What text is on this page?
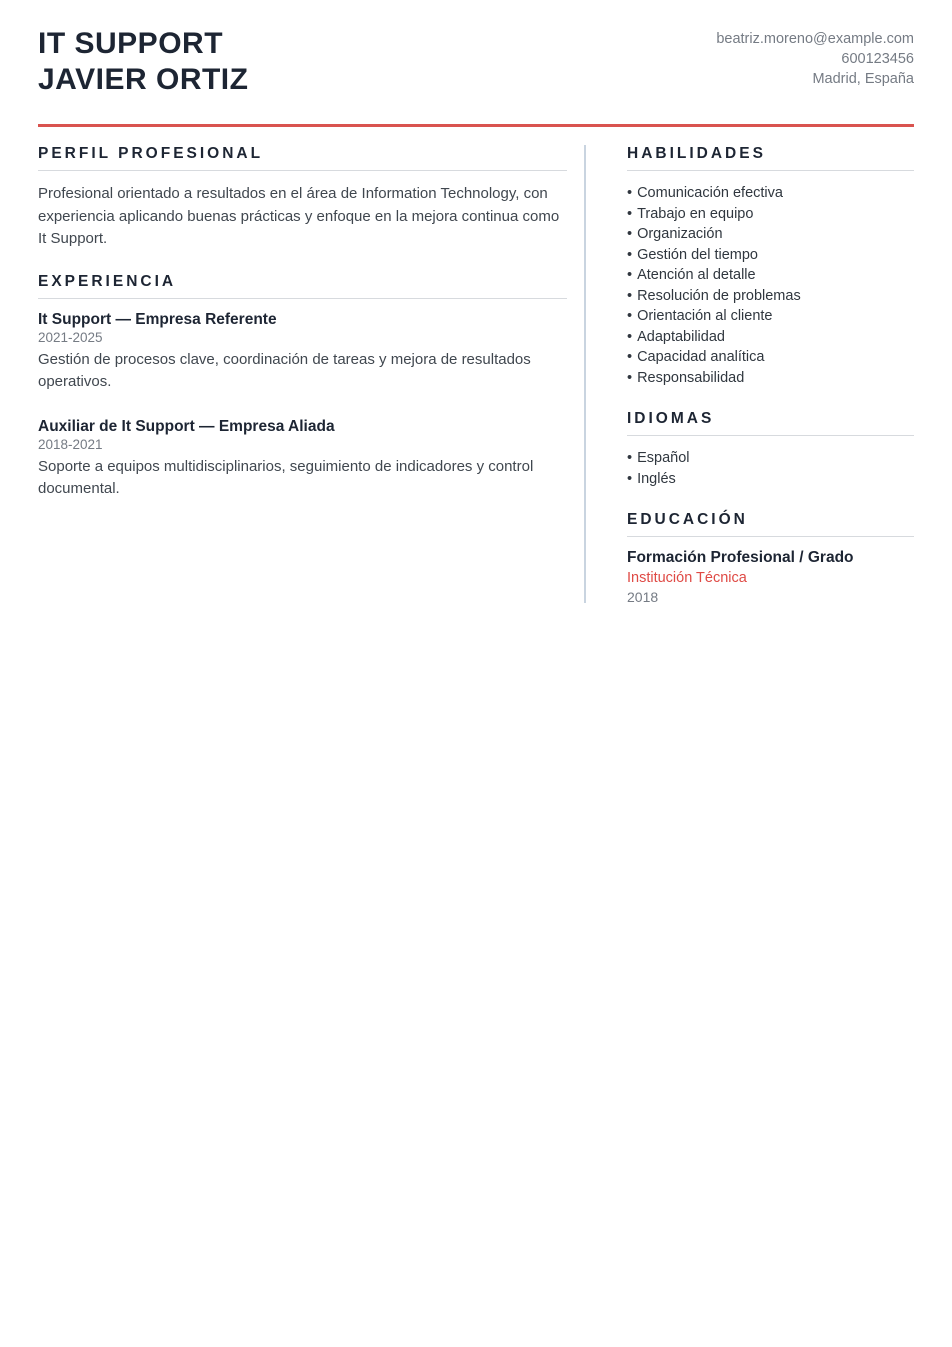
IT SUPPORT
JAVIER ORTIZ
beatriz.moreno@example.com
600123456
Madrid, España
PERFIL PROFESIONAL

Profesional orientado a resultados en el área de Information Technology, con experiencia aplicando buenas prácticas y enfoque en la mejora continua como It Support.

EXPERIENCIA
It Support — Empresa Referente
2021-2025

Gestión de procesos clave, coordinación de tareas y mejora de resultados operativos.

Auxiliar de It Support — Empresa Aliada
2018-2021

Soporte a equipos multidisciplinarios, seguimiento de indicadores y control documental.

HABILIDADES
• Comunicación efectiva
• Trabajo en equipo
• Organización
• Gestión del tiempo
• Atención al detalle
• Resolución de problemas
• Orientación al cliente
• Adaptabilidad
• Capacidad analítica
• Responsabilidad
IDIOMAS
• Español
• Inglés
EDUCACIÓN
Formación Profesional / Grado
Institución Técnica
2018
